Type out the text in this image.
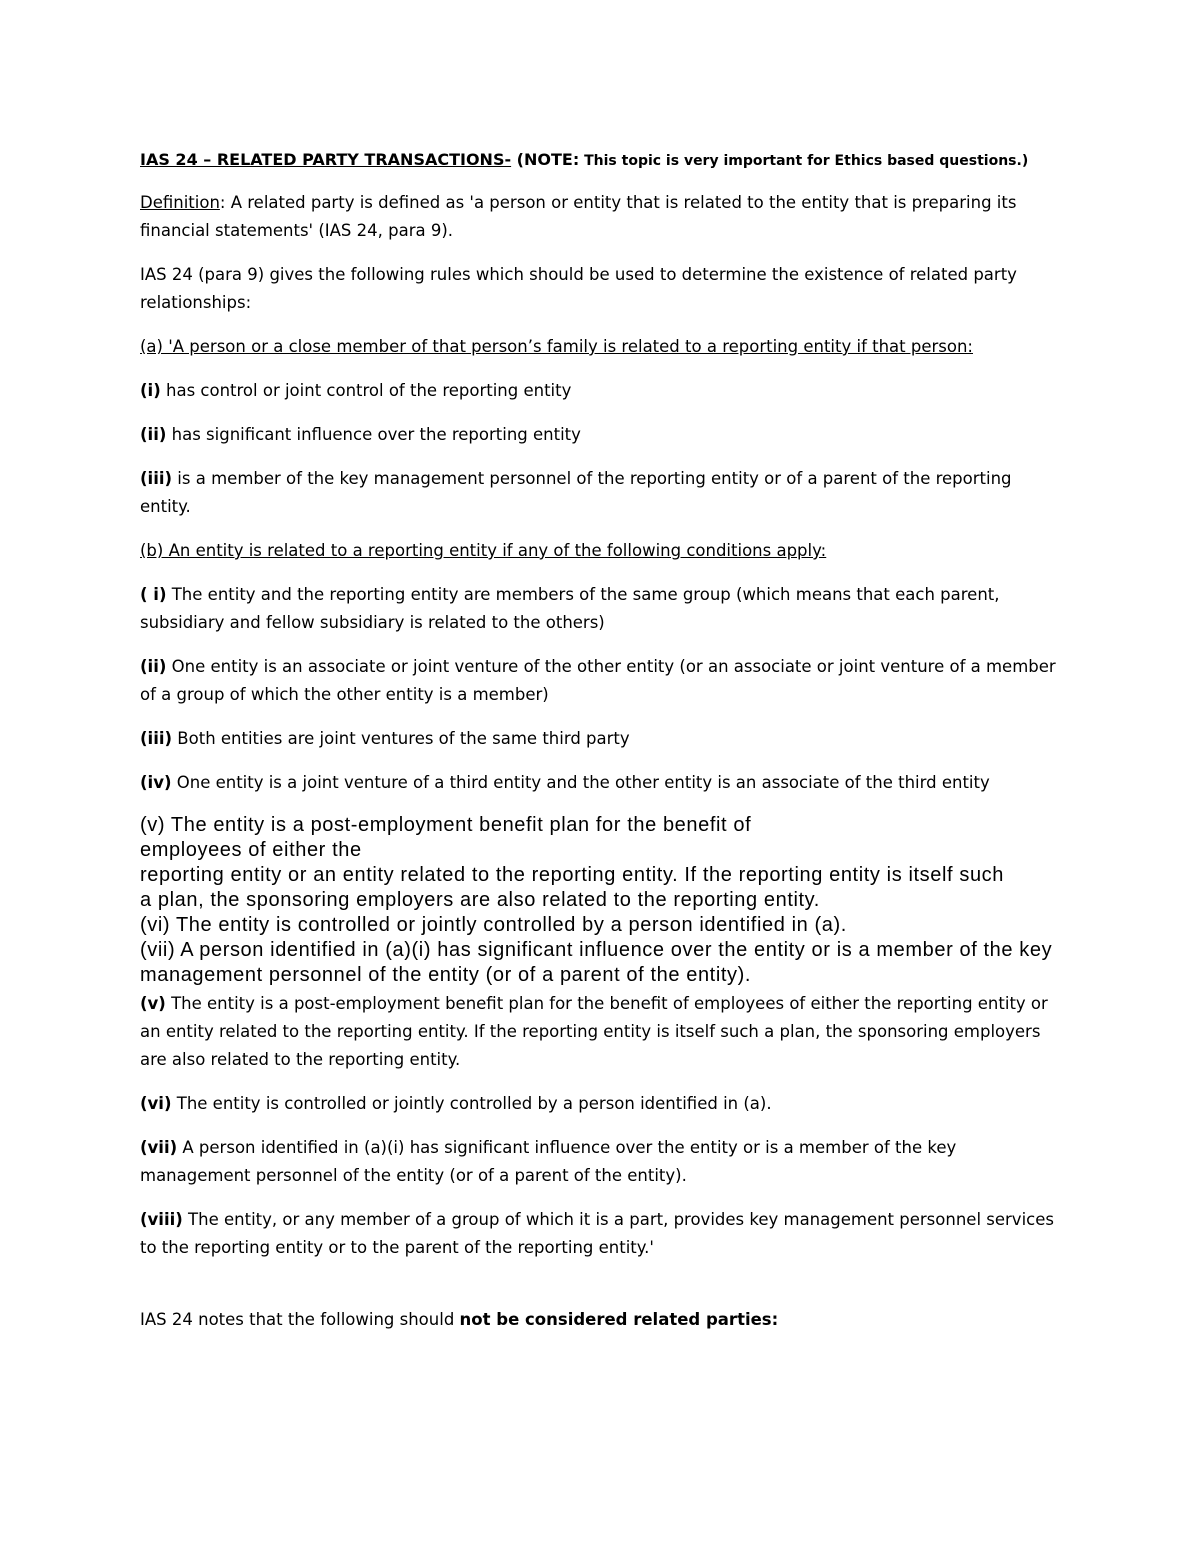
IAS 24 – RELATED PARTY TRANSACTIONS- (NOTE: This topic is very important for Ethics based questions.)

Definition: A related party is defined as 'a person or entity that is related to the entity that is preparing its financial statements' (IAS 24, para 9).

IAS 24 (para 9) gives the following rules which should be used to determine the existence of related party relationships:

(a) 'A person or a close member of that person’s family is related to a reporting entity if that person:

(i) has control or joint control of the reporting entity

(ii) has significant influence over the reporting entity

(iii) is a member of the key management personnel of the reporting entity or of a parent of the reporting entity.

(b) An entity is related to a reporting entity if any of the following conditions apply:

( i) The entity and the reporting entity are members of the same group (which means that each parent, subsidiary and fellow subsidiary is related to the others)

(ii) One entity is an associate or joint venture of the other entity (or an associate or joint venture of a member of a group of which the other entity is a member)

(iii) Both entities are joint ventures of the same third party

(iv) One entity is a joint venture of a third entity and the other entity is an associate of the third entity

(v) The entity is a post-employment benefit plan for the benefit of

employees of either the

reporting entity or an entity related to the reporting entity. If the reporting entity is itself such

a plan, the sponsoring employers are also related to the reporting entity.

(vi) The entity is controlled or jointly controlled by a person identified in (a).

(vii) A person identified in (a)(i) has significant influence over the entity or is a member of the key

management personnel of the entity (or of a parent of the entity).

(v) The entity is a post-employment benefit plan for the benefit of employees of either the reporting entity or an entity related to the reporting entity. If the reporting entity is itself such a plan, the sponsoring employers are also related to the reporting entity.

(vi) The entity is controlled or jointly controlled by a person identified in (a).

(vii) A person identified in (a)(i) has significant influence over the entity or is a member of the key management personnel of the entity (or of a parent of the entity).

(viii) The entity, or any member of a group of which it is a part, provides key management personnel services to the reporting entity or to the parent of the reporting entity.'

IAS 24 notes that the following should not be considered related parties:
